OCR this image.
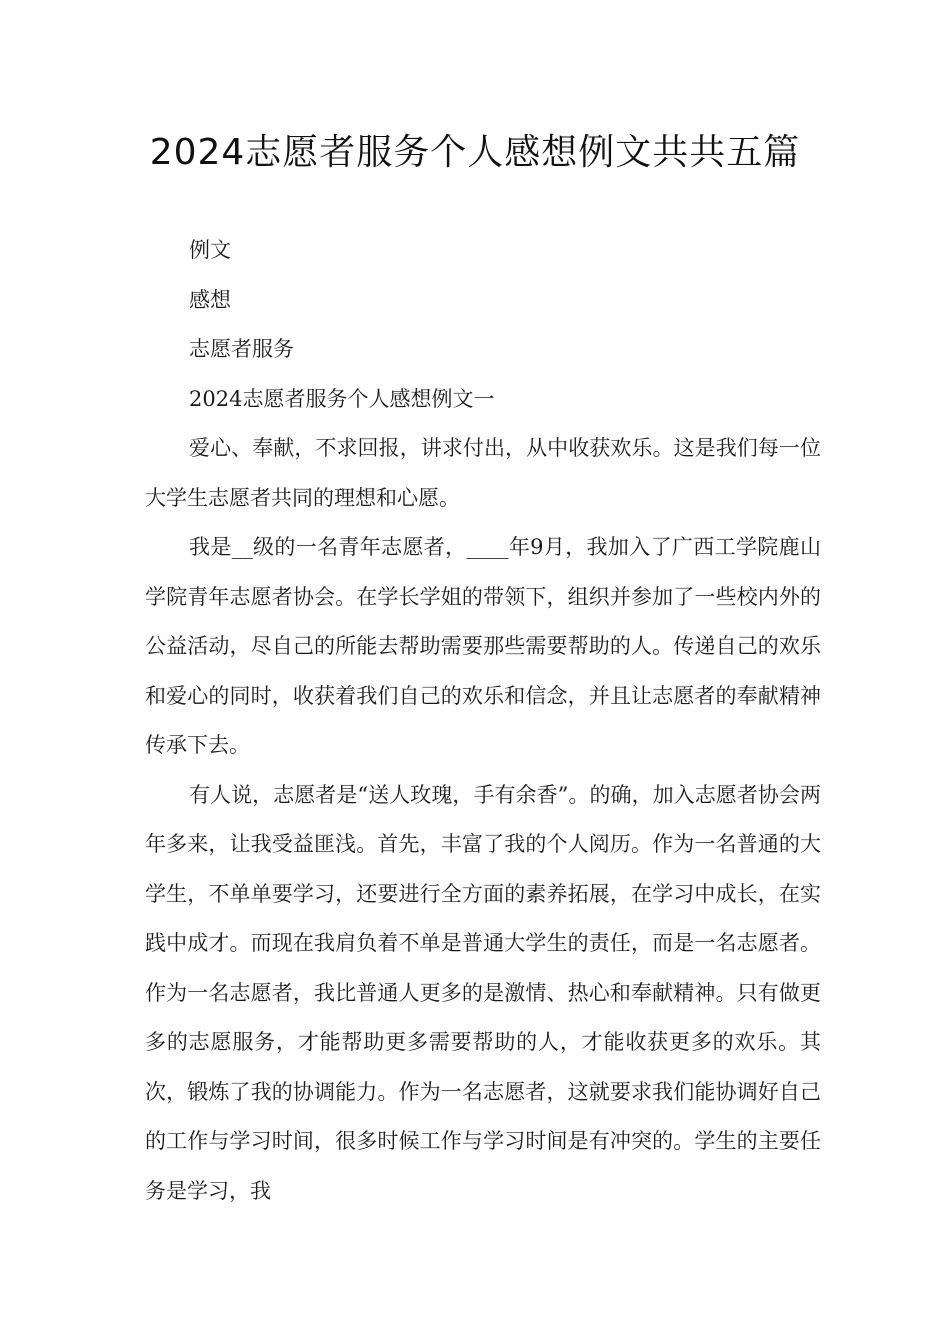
2024志愿者服务个人感想例文共共五篇

例文

感想

志愿者服务

2024志愿者服务个人感想例文一

爱心、奉献，不求回报，讲求付出，从中收获欢乐。这是我们每一位大学生志愿者共同的理想和心愿。

我是__级的一名青年志愿者，____年9月，我加入了广西工学院鹿山学院青年志愿者协会。在学长学姐的带领下，组织并参加了一些校内外的公益活动，尽自己的所能去帮助需要那些需要帮助的人。传递自己的欢乐和爱心的同时，收获着我们自己的欢乐和信念，并且让志愿者的奉献精神传承下去。

有人说，志愿者是“送人玫瑰，手有余香”。的确，加入志愿者协会两年多来，让我受益匪浅。首先，丰富了我的个人阅历。作为一名普通的大学生，不单单要学习，还要进行全方面的素养拓展，在学习中成长，在实践中成才。而现在我肩负着不单是普通大学生的责任，而是一名志愿者。作为一名志愿者，我比普通人更多的是激情、热心和奉献精神。只有做更多的志愿服务，才能帮助更多需要帮助的人，才能收获更多的欢乐。其次，锻炼了我的协调能力。作为一名志愿者，这就要求我们能协调好自己的工作与学习时间，很多时候工作与学习时间是有冲突的。学生的主要任务是学习，我
